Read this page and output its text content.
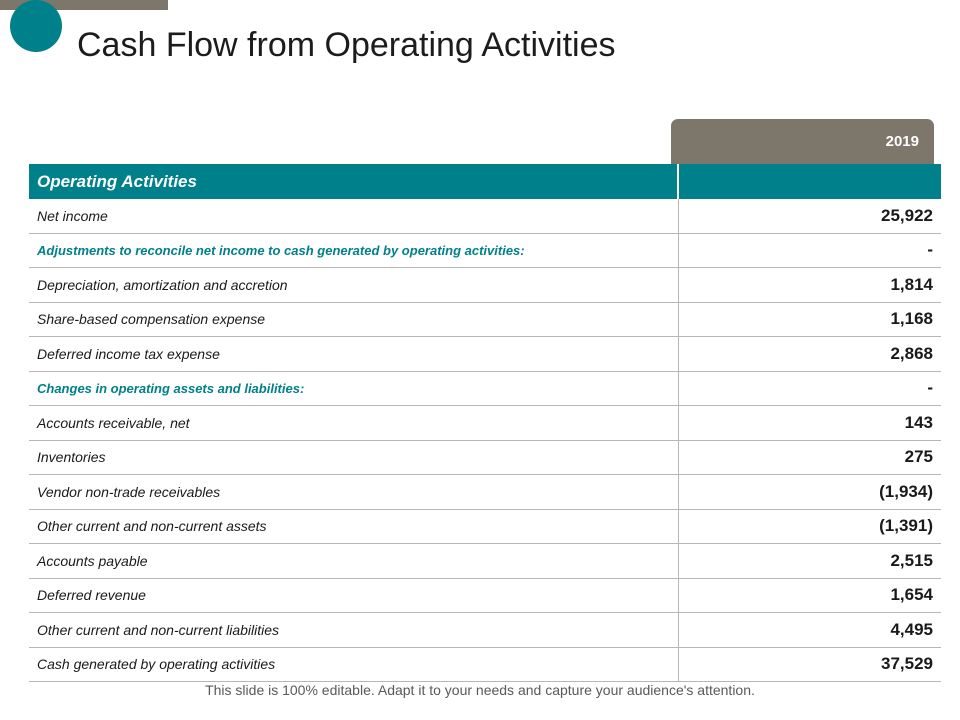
Cash Flow from Operating Activities
2019
Operating Activities	
Net income	25,922
Adjustments to reconcile net income to cash generated by operating activities:	-
Depreciation, amortization and accretion	1,814
Share-based compensation expense	1,168
Deferred income tax expense	2,868
Changes in operating assets and liabilities:	-
Accounts receivable, net	143
Inventories	275
Vendor non-trade receivables	(1,934)
Other current and non-current assets	(1,391)
Accounts payable	2,515
Deferred revenue	1,654
Other current and non-current liabilities	4,495
Cash generated by operating activities	37,529
This slide is 100% editable. Adapt it to your needs and capture your audience's attention.
